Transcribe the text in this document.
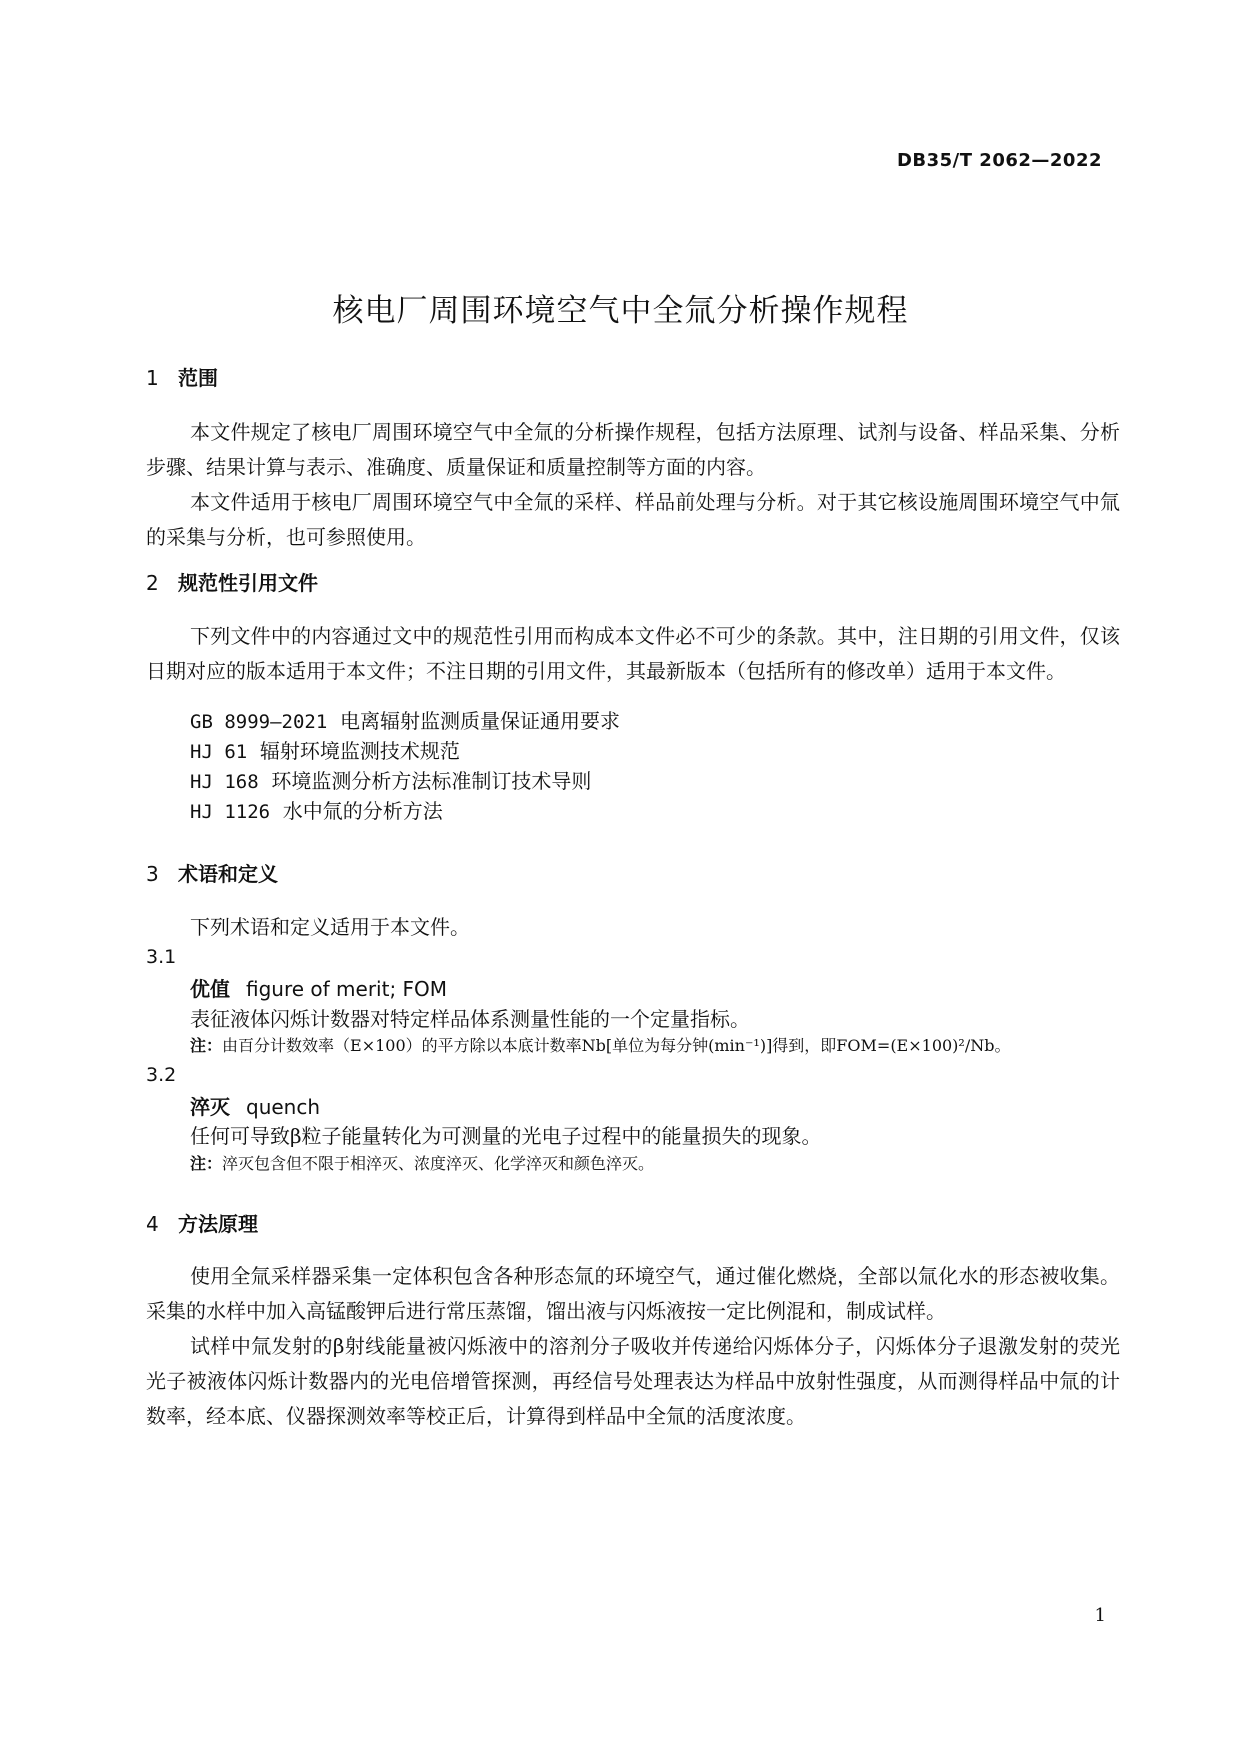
DB35/T 2062—2022
核电厂周围环境空气中全氚分析操作规程
1 范围
本文件规定了核电厂周围环境空气中全氚的分析操作规程，包括方法原理、试剂与设备、样品采集、分析步骤、结果计算与表示、准确度、质量保证和质量控制等方面的内容。
本文件适用于核电厂周围环境空气中全氚的采样、样品前处理与分析。对于其它核设施周围环境空气中氚的采集与分析，也可参照使用。
2 规范性引用文件
下列文件中的内容通过文中的规范性引用而构成本文件必不可少的条款。其中，注日期的引用文件，仅该日期对应的版本适用于本文件；不注日期的引用文件，其最新版本（包括所有的修改单）适用于本文件。
GB 8999—2021 电离辐射监测质量保证通用要求
HJ 61 辐射环境监测技术规范
HJ 168 环境监测分析方法标准制订技术导则
HJ 1126 水中氚的分析方法
3 术语和定义
下列术语和定义适用于本文件。
3.1
优值 figure of merit; FOM
表征液体闪烁计数器对特定样品体系测量性能的一个定量指标。
注：由百分计数效率（E×100）的平方除以本底计数率Nb[单位为每分钟(min⁻¹)]得到，即FOM=(E×100)²/Nb。
3.2
淬灭 quench
任何可导致β粒子能量转化为可测量的光电子过程中的能量损失的现象。
注：淬灭包含但不限于相淬灭、浓度淬灭、化学淬灭和颜色淬灭。
4 方法原理
使用全氚采样器采集一定体积包含各种形态氚的环境空气，通过催化燃烧，全部以氚化水的形态被收集。采集的水样中加入高锰酸钾后进行常压蒸馏，馏出液与闪烁液按一定比例混和，制成试样。
试样中氚发射的β射线能量被闪烁液中的溶剂分子吸收并传递给闪烁体分子，闪烁体分子退激发射的荧光光子被液体闪烁计数器内的光电倍增管探测，再经信号处理表达为样品中放射性强度，从而测得样品中氚的计数率，经本底、仪器探测效率等校正后，计算得到样品中全氚的活度浓度。
1
